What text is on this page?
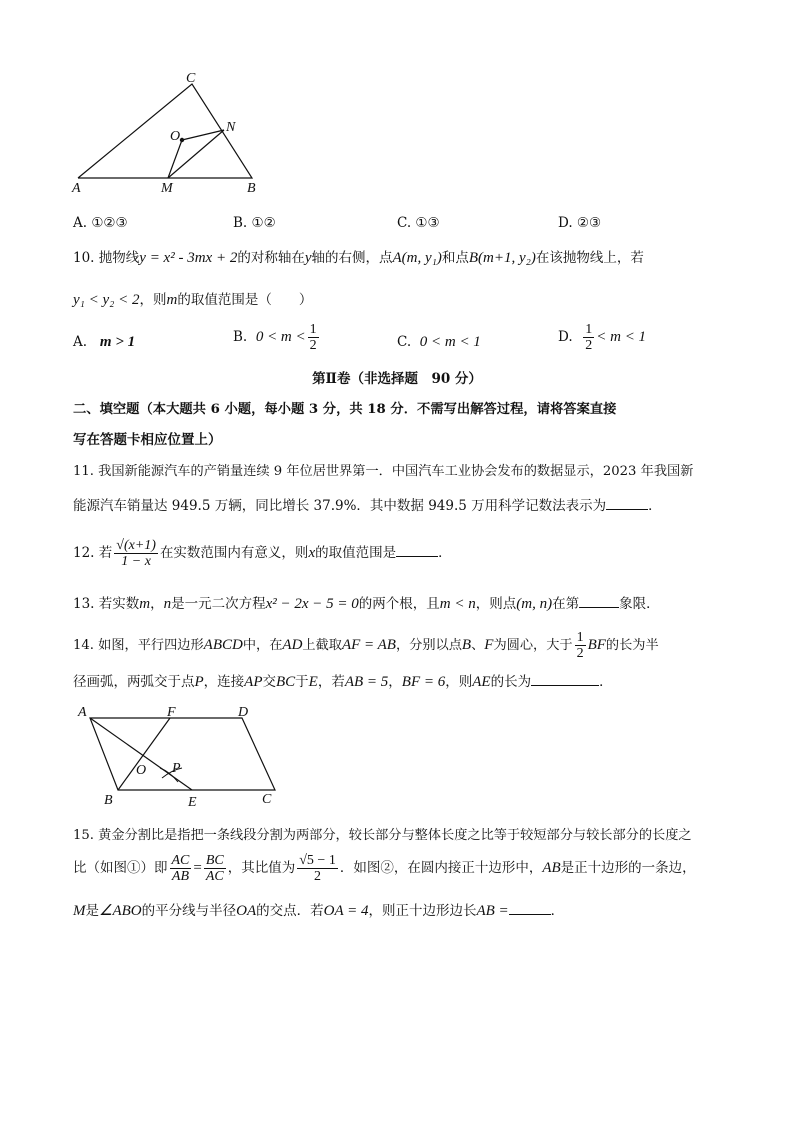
C
O
N
A	M	B
A. ①②③	B. ①②	C. ①③	D. ②③
10. 抛物线y = x² - 3mx + 2的对称轴在y轴的右侧，点A(m, y₁)和点B(m+1, y₂)在该抛物线上，若
y₁ < y₂ < 2，则m的取值范围是（　　）
A. m > 1	B. $0 < m < \frac{1}{2}$	C. 0 < m < 1	D. $\frac{1}{2} < m < 1$
第Ⅱ卷（非选择题　90 分）
二、填空题（本大题共 6 小题，每小题 3 分，共 18 分．不需写出解答过程，请将答案直接
写在答题卡相应位置上）
11. 我国新能源汽车的产销量连续 9 年位居世界第一．中国汽车工业协会发布的数据显示，2023 年我国新
能源汽车销量达 949.5 万辆，同比增长 37.9%．其中数据 949.5 万用科学记数法表示为	．
12. 若 $\frac{√(x+1)}{1 - x}$ 在实数范围内有意义，则x的取值范围是	．
13. 若实数m，n是一元二次方程x² − 2x − 5 = 0的两个根，且m < n，则点(m, n)在第	象限．
14. 如图，平行四边形ABCD中，在AD上截取AF = AB，分别以点B、F为圆心，大于 $\frac{1}{2}$ BF的长为半
径画弧，两弧交于点P，连接AP交BC于E，若AB = 5，BF = 6，则AE的长为	．
A	F	D
O P
B	E	C
15. 黄金分割比是指把一条线段分割为两部分，较长部分与整体长度之比等于较短部分与较长部分的长度之
比（如图①）即 $\frac{AC}{AB} = \frac{BC}{AC}$ ，其比值为 $\frac{√5 - 1}{2}$ ．如图②，在圆内接正十边形中，AB是正十边形的一条边，
M是∠ABO的平分线与半径OA的交点．若OA = 4，则正十边形边长AB =	．
